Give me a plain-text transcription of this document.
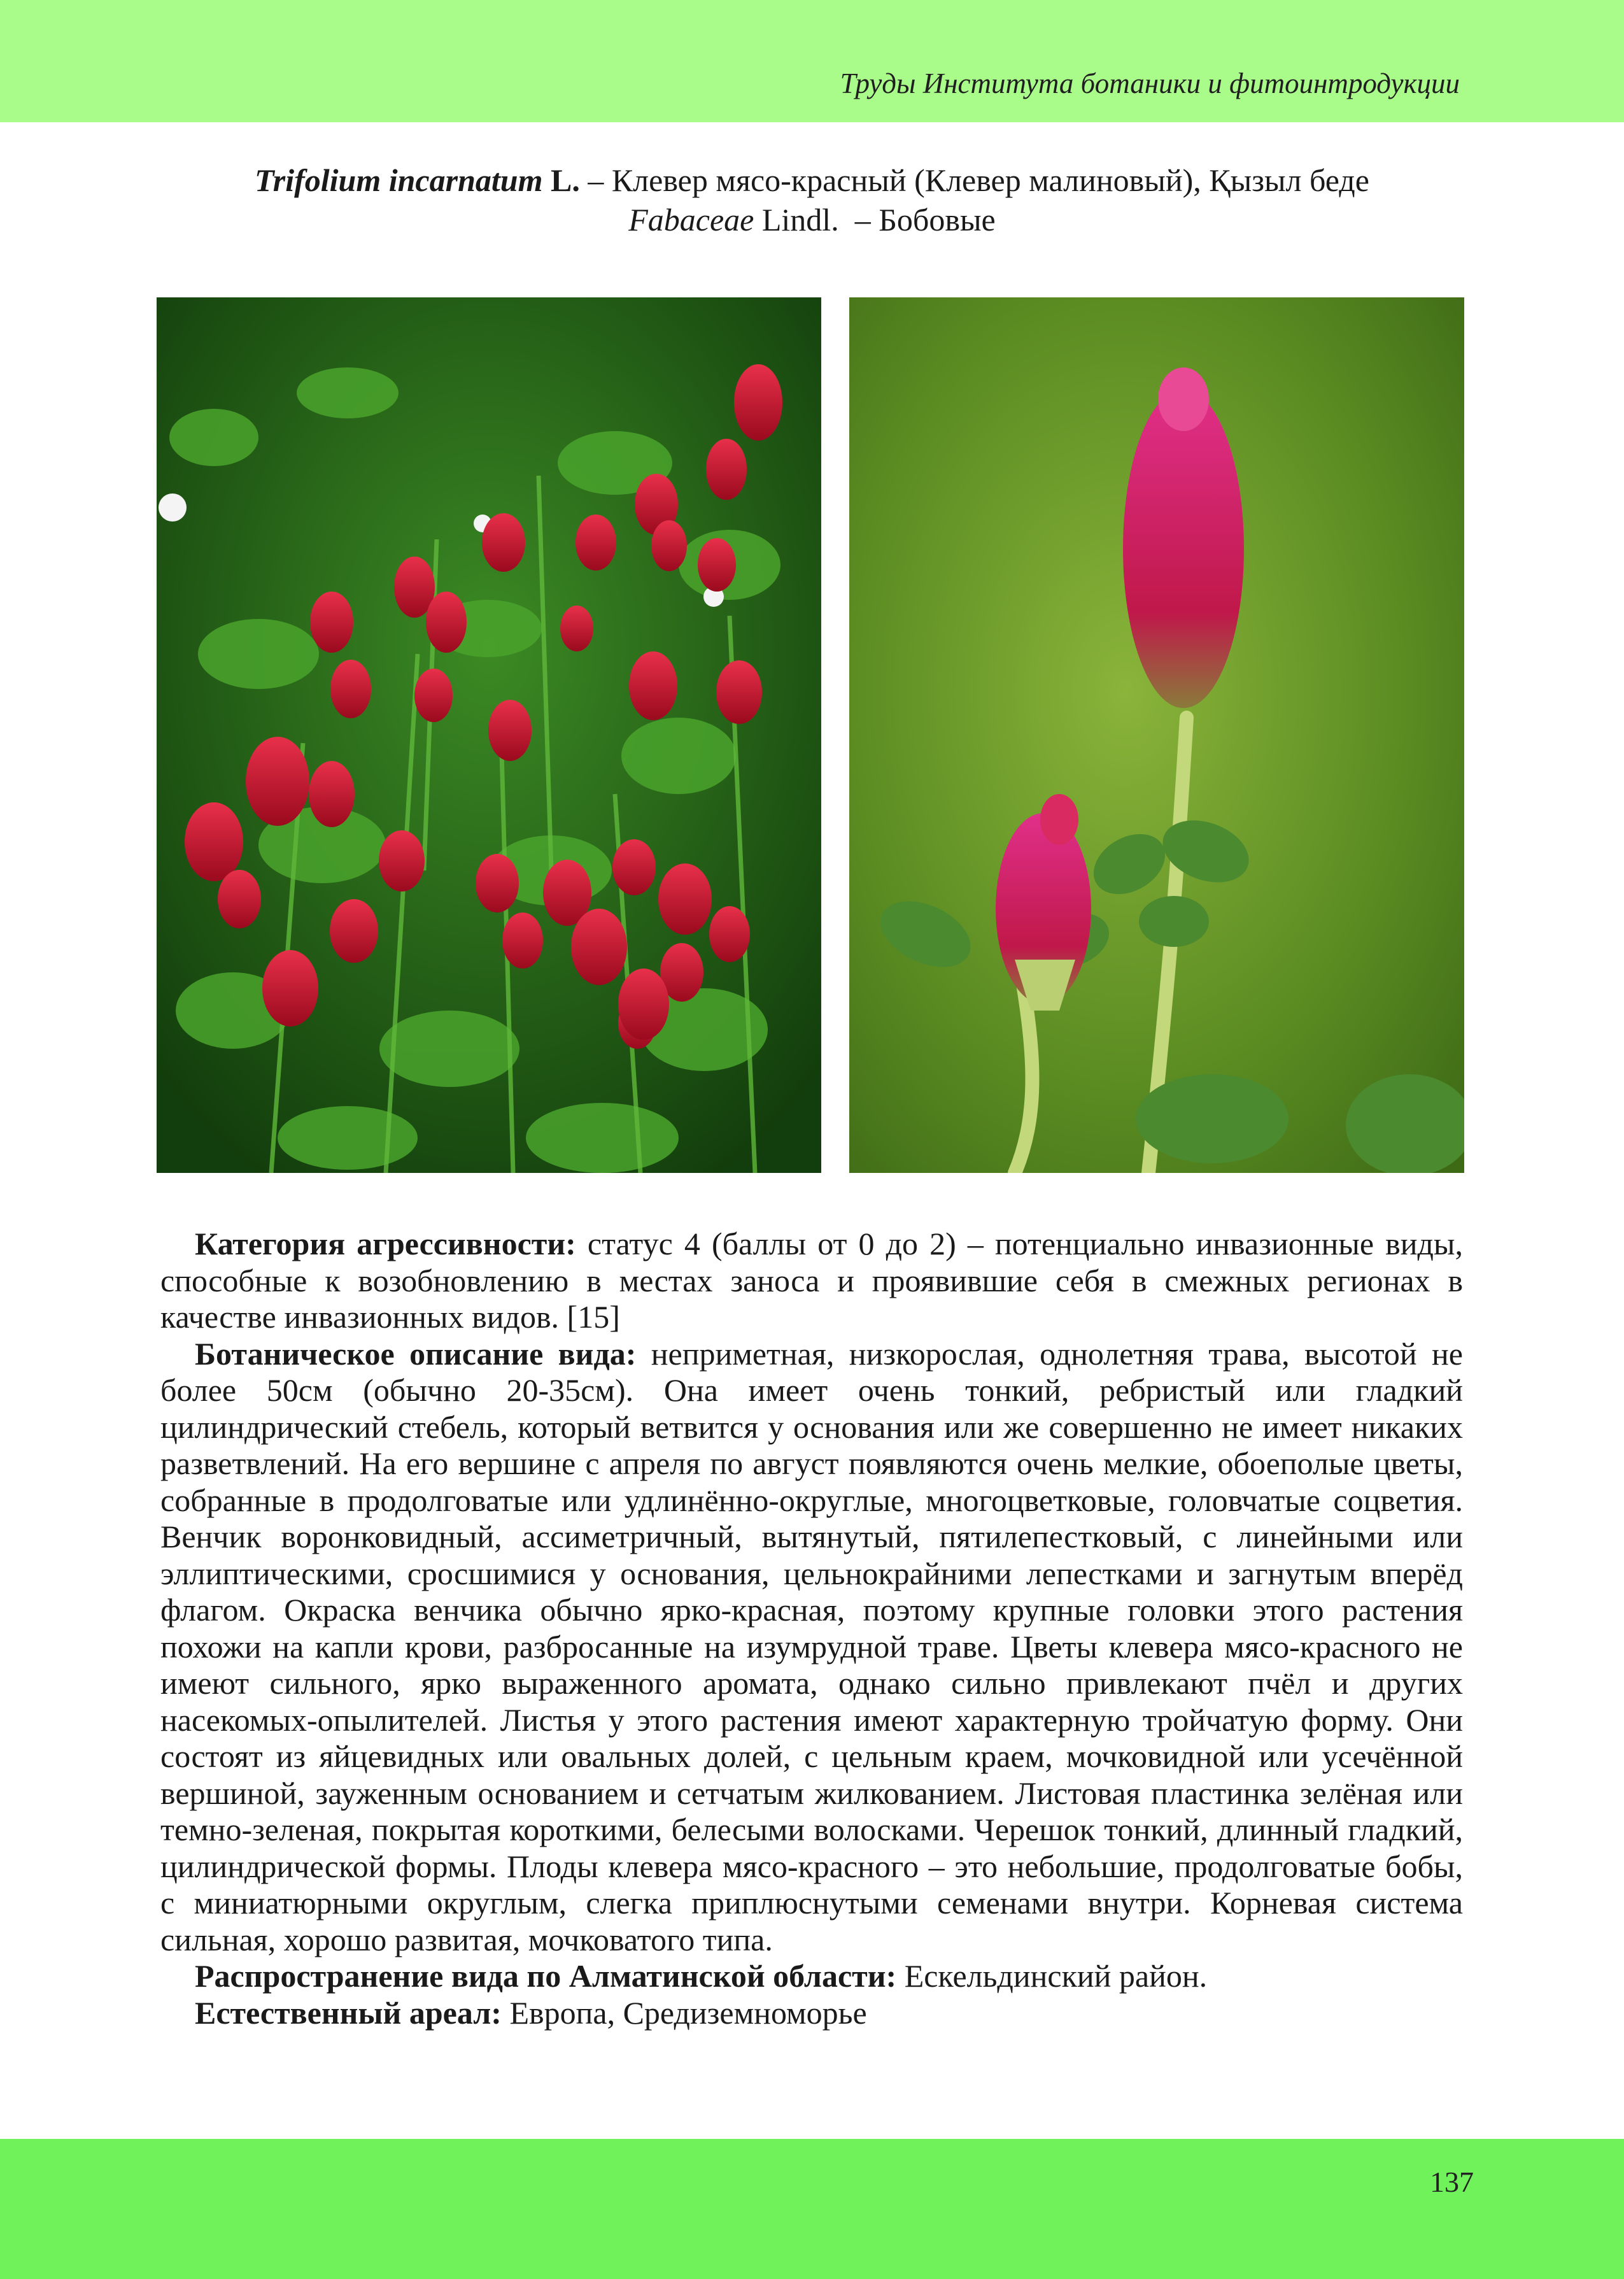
Труды Института ботаники и фитоинтродукции
Trifolium incarnatum L. – Клевер мясо-красный (Клевер малиновый), Қызыл беде
Fabaceae Lindl. – Бобовые

Категория агрессивности: статус 4 (баллы от 0 до 2) – потенциально инвазионные виды, способные к возобновлению в местах заноса и проявившие себя в смежных регионах в качестве инвазионных видов. [15]

Ботаническое описание вида: неприметная, низкорослая, однолетняя трава, высотой не более 50см (обычно 20-35см). Она имеет очень тонкий, ребристый или гладкий цилиндрический стебель, который ветвится у основания или же совершенно не имеет никаких разветвлений. На его вершине с апреля по август появляются очень мелкие, обоеполые цветы, собранные в продолговатые или удлинённо-округлые, многоцветковые, головчатые соцветия. Венчик воронковидный, ассиметричный, вытянутый, пятилепестковый, с линейными или эллиптическими, сросшимися у основания, цельнокрайними лепестками и загнутым вперёд флагом. Окраска венчика обычно ярко-красная, поэтому крупные головки этого растения похожи на капли крови, разбросанные на изумрудной траве. Цветы клевера мясо-красного не имеют сильного, ярко выраженного аромата, однако сильно привлекают пчёл и других насекомых-опылителей. Листья у этого растения имеют характерную тройчатую форму. Они состоят из яйцевидных или овальных долей, с цельным краем, мочковидной или усечённой вершиной, зауженным основанием и сетчатым жилкованием. Листовая пластинка зелёная или темно-зеленая, покрытая короткими, белесыми волосками. Черешок тонкий, длинный гладкий, цилиндрической формы. Плоды клевера мясо-красного – это небольшие, продолговатые бобы, с миниатюрными округлым, слегка приплюснутыми семенами внутри. Корневая система сильная, хорошо развитая, мочковатого типа.

Распространение вида по Алматинской области: Ескельдинский район.

Естественный ареал: Европа, Средиземноморье

137
